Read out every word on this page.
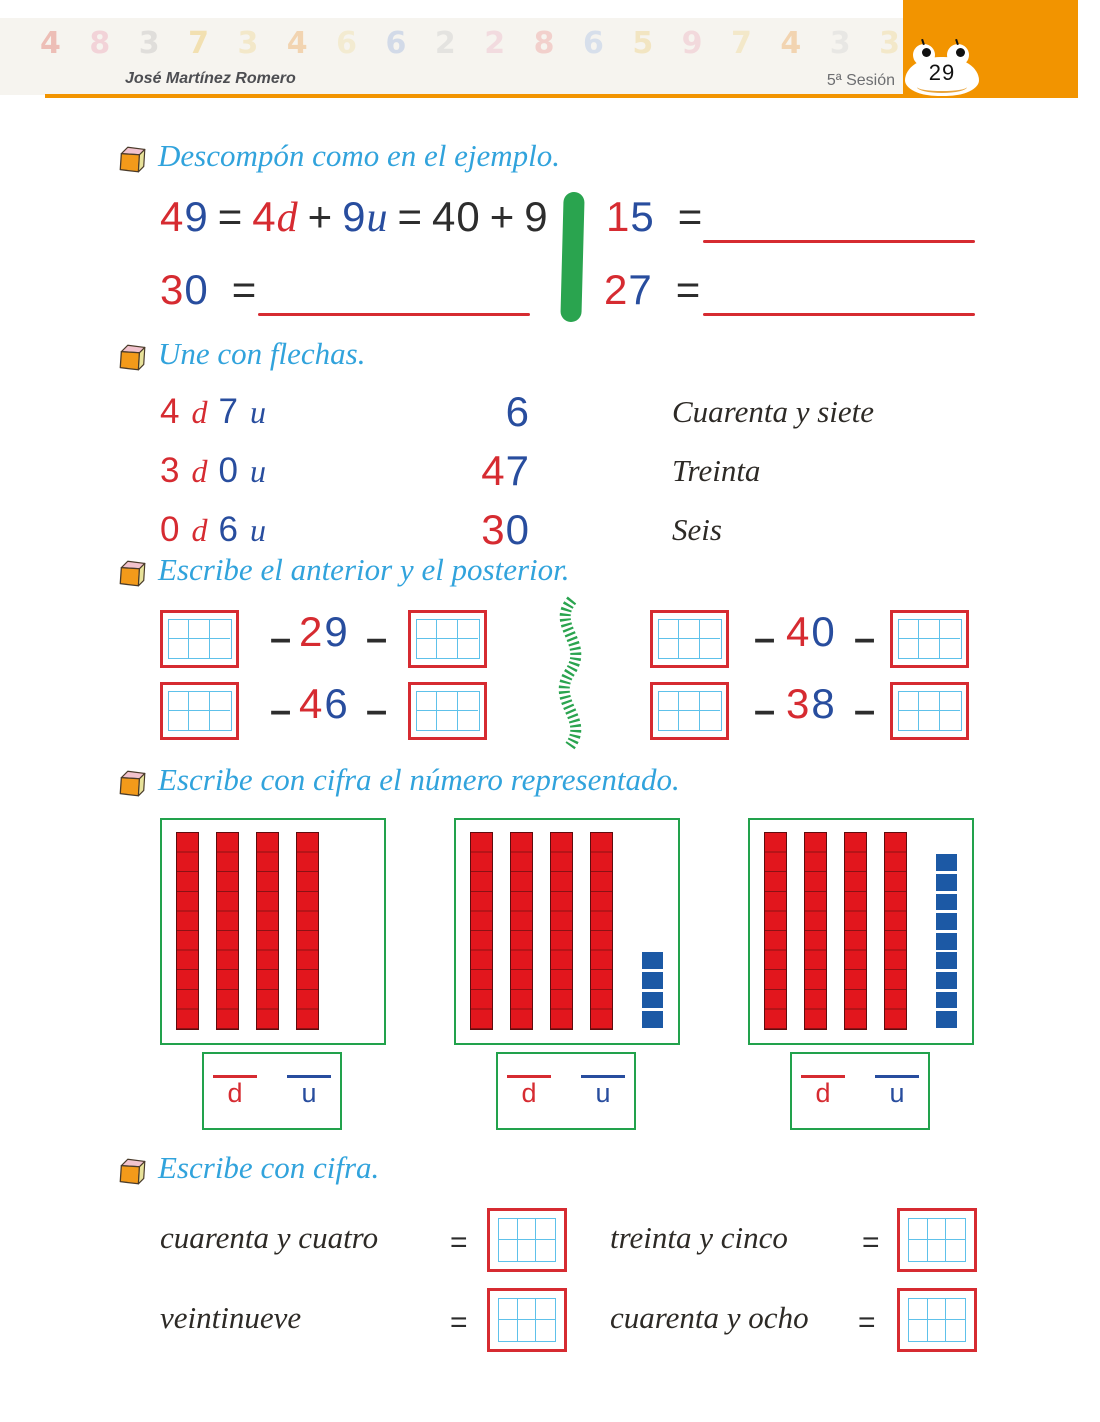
4 8 3 7 3 4 6 6 2 2 8 6 5 9 7 4 3 3
José Martínez Romero	5ª Sesión	29
Descompón como en el ejemplo.
49 = 4d + 9u = 40 + 9 15 =
30 =	27 =
Une con flechas.
4 d 7 u	6	Cuarenta y siete
3 d 0 u	47	Treinta
0 d 6 u	30	Seis
Escribe el anterior y el posterior.
– 29 –
– 46 –
– 40 –
– 38 –
Escribe con cifra el número representado.
d u	d u	d u
Escribe con cifra.
cuarenta y cuatro =	treinta y cinco =
veintinueve	=	cuarenta y ocho =
